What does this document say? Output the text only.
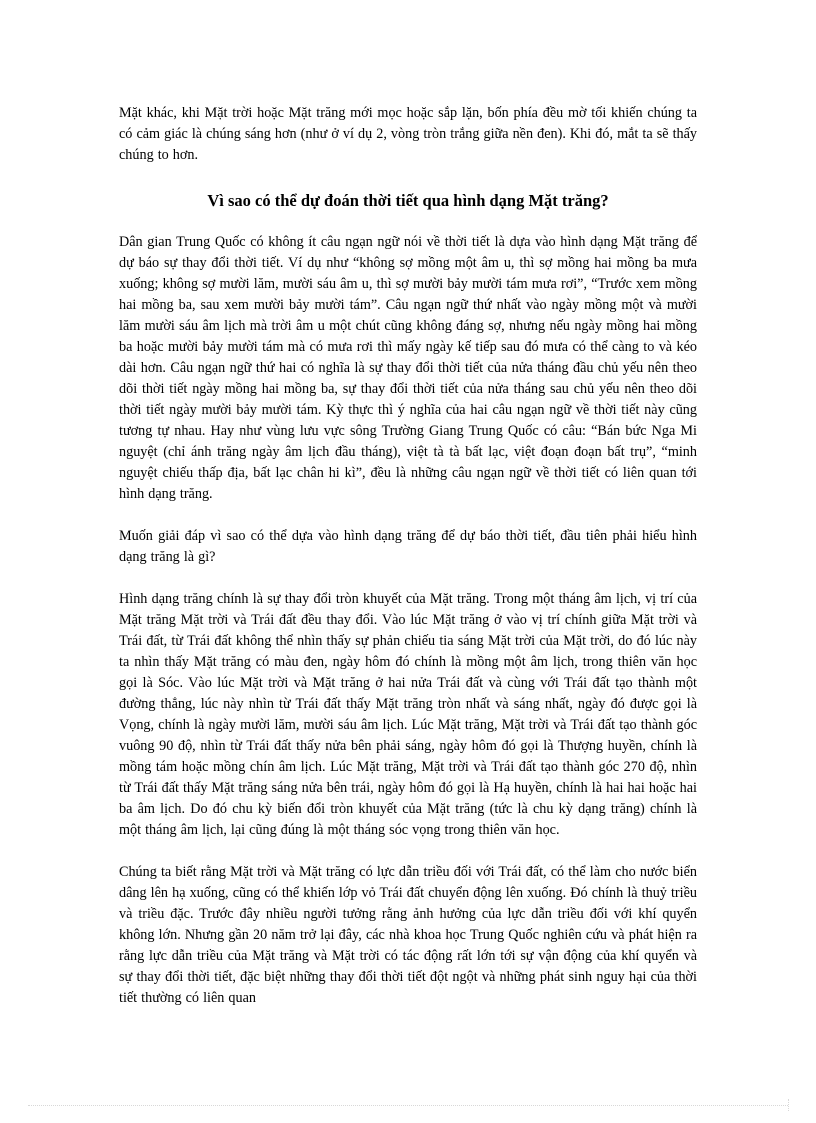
Mặt khác, khi Mặt trời hoặc Mặt trăng mới mọc hoặc sắp lặn, bốn phía đều mờ tối khiến chúng ta có cảm giác là chúng sáng hơn (như ở ví dụ 2, vòng tròn trắng giữa nền đen). Khi đó, mắt ta sẽ thấy chúng to hơn.

Vì sao có thể dự đoán thời tiết qua hình dạng Mặt trăng?

Dân gian Trung Quốc có không ít câu ngạn ngữ nói về thời tiết là dựa vào hình dạng Mặt trăng để dự báo sự thay đổi thời tiết. Ví dụ như “không sợ mồng một âm u, thì sợ mồng hai mồng ba mưa xuống; không sợ mười lăm, mười sáu âm u, thì sợ mười bảy mười tám mưa rơi”, “Trước xem mồng hai mồng ba, sau xem mười bảy mười tám”. Câu ngạn ngữ thứ nhất vào ngày mồng một và mười lăm mười sáu âm lịch mà trời âm u một chút cũng không đáng sợ, nhưng nếu ngày mồng hai mồng ba hoặc mười bảy mười tám mà có mưa rơi thì mấy ngày kế tiếp sau đó mưa có thể càng to và kéo dài hơn. Câu ngạn ngữ thứ hai có nghĩa là sự thay đổi thời tiết của nửa tháng đầu chủ yếu nên theo dõi thời tiết ngày mồng hai mồng ba, sự thay đổi thời tiết của nửa tháng sau chủ yếu nên theo dõi thời tiết ngày mười bảy mười tám. Kỳ thực thì ý nghĩa của hai câu ngạn ngữ về thời tiết này cũng tương tự nhau. Hay như vùng lưu vực sông Trường Giang Trung Quốc có câu: “Bán bức Nga Mi nguyệt (chỉ ánh trăng ngày âm lịch đầu tháng), việt tà tà bất lạc, việt đoạn đoạn bất trụ”, “minh nguyệt chiếu thấp địa, bất lạc chân hi kì”, đều là những câu ngạn ngữ về thời tiết có liên quan tới hình dạng trăng.

Muốn giải đáp vì sao có thể dựa vào hình dạng trăng để dự báo thời tiết, đầu tiên phải hiểu hình dạng trăng là gì?

Hình dạng trăng chính là sự thay đổi tròn khuyết của Mặt trăng. Trong một tháng âm lịch, vị trí của Mặt trăng Mặt trời và Trái đất đều thay đổi. Vào lúc Mặt trăng ở vào vị trí chính giữa Mặt trời và Trái đất, từ Trái đất không thể nhìn thấy sự phản chiếu tia sáng Mặt trời của Mặt trời, do đó lúc này ta nhìn thấy Mặt trăng có màu đen, ngày hôm đó chính là mồng một âm lịch, trong thiên văn học gọi là Sóc. Vào lúc Mặt trời và Mặt trăng ở hai nửa Trái đất và cùng với Trái đất tạo thành một đường thẳng, lúc này nhìn từ Trái đất thấy Mặt trăng tròn nhất và sáng nhất, ngày đó được gọi là Vọng, chính là ngày mười lăm, mười sáu âm lịch. Lúc Mặt trăng, Mặt trời và Trái đất tạo thành góc vuông 90 độ, nhìn từ Trái đất thấy nửa bên phải sáng, ngày hôm đó gọi là Thượng huyền, chính là mồng tám hoặc mồng chín âm lịch. Lúc Mặt trăng, Mặt trời và Trái đất tạo thành góc 270 độ, nhìn từ Trái đất thấy Mặt trăng sáng nửa bên trái, ngày hôm đó gọi là Hạ huyền, chính là hai hai hoặc hai ba âm lịch. Do đó chu kỳ biến đổi tròn khuyết của Mặt trăng (tức là chu kỳ dạng trăng) chính là một tháng âm lịch, lại cũng đúng là một tháng sóc vọng trong thiên văn học.

Chúng ta biết rằng Mặt trời và Mặt trăng có lực dẫn triều đối với Trái đất, có thể làm cho nước biển dâng lên hạ xuống, cũng có thể khiến lớp vỏ Trái đất chuyển động lên xuống. Đó chính là thuỷ triều và triều đặc. Trước đây nhiều người tưởng rằng ảnh hưởng của lực dẫn triều đối với khí quyển không lớn. Nhưng gần 20 năm trở lại đây, các nhà khoa học Trung Quốc nghiên cứu và phát hiện ra rằng lực dẫn triều của Mặt trăng và Mặt trời có tác động rất lớn tới sự vận động của khí quyển và sự thay đổi thời tiết, đặc biệt những thay đổi thời tiết đột ngột và những phát sinh nguy hại của thời tiết thường có liên quan
